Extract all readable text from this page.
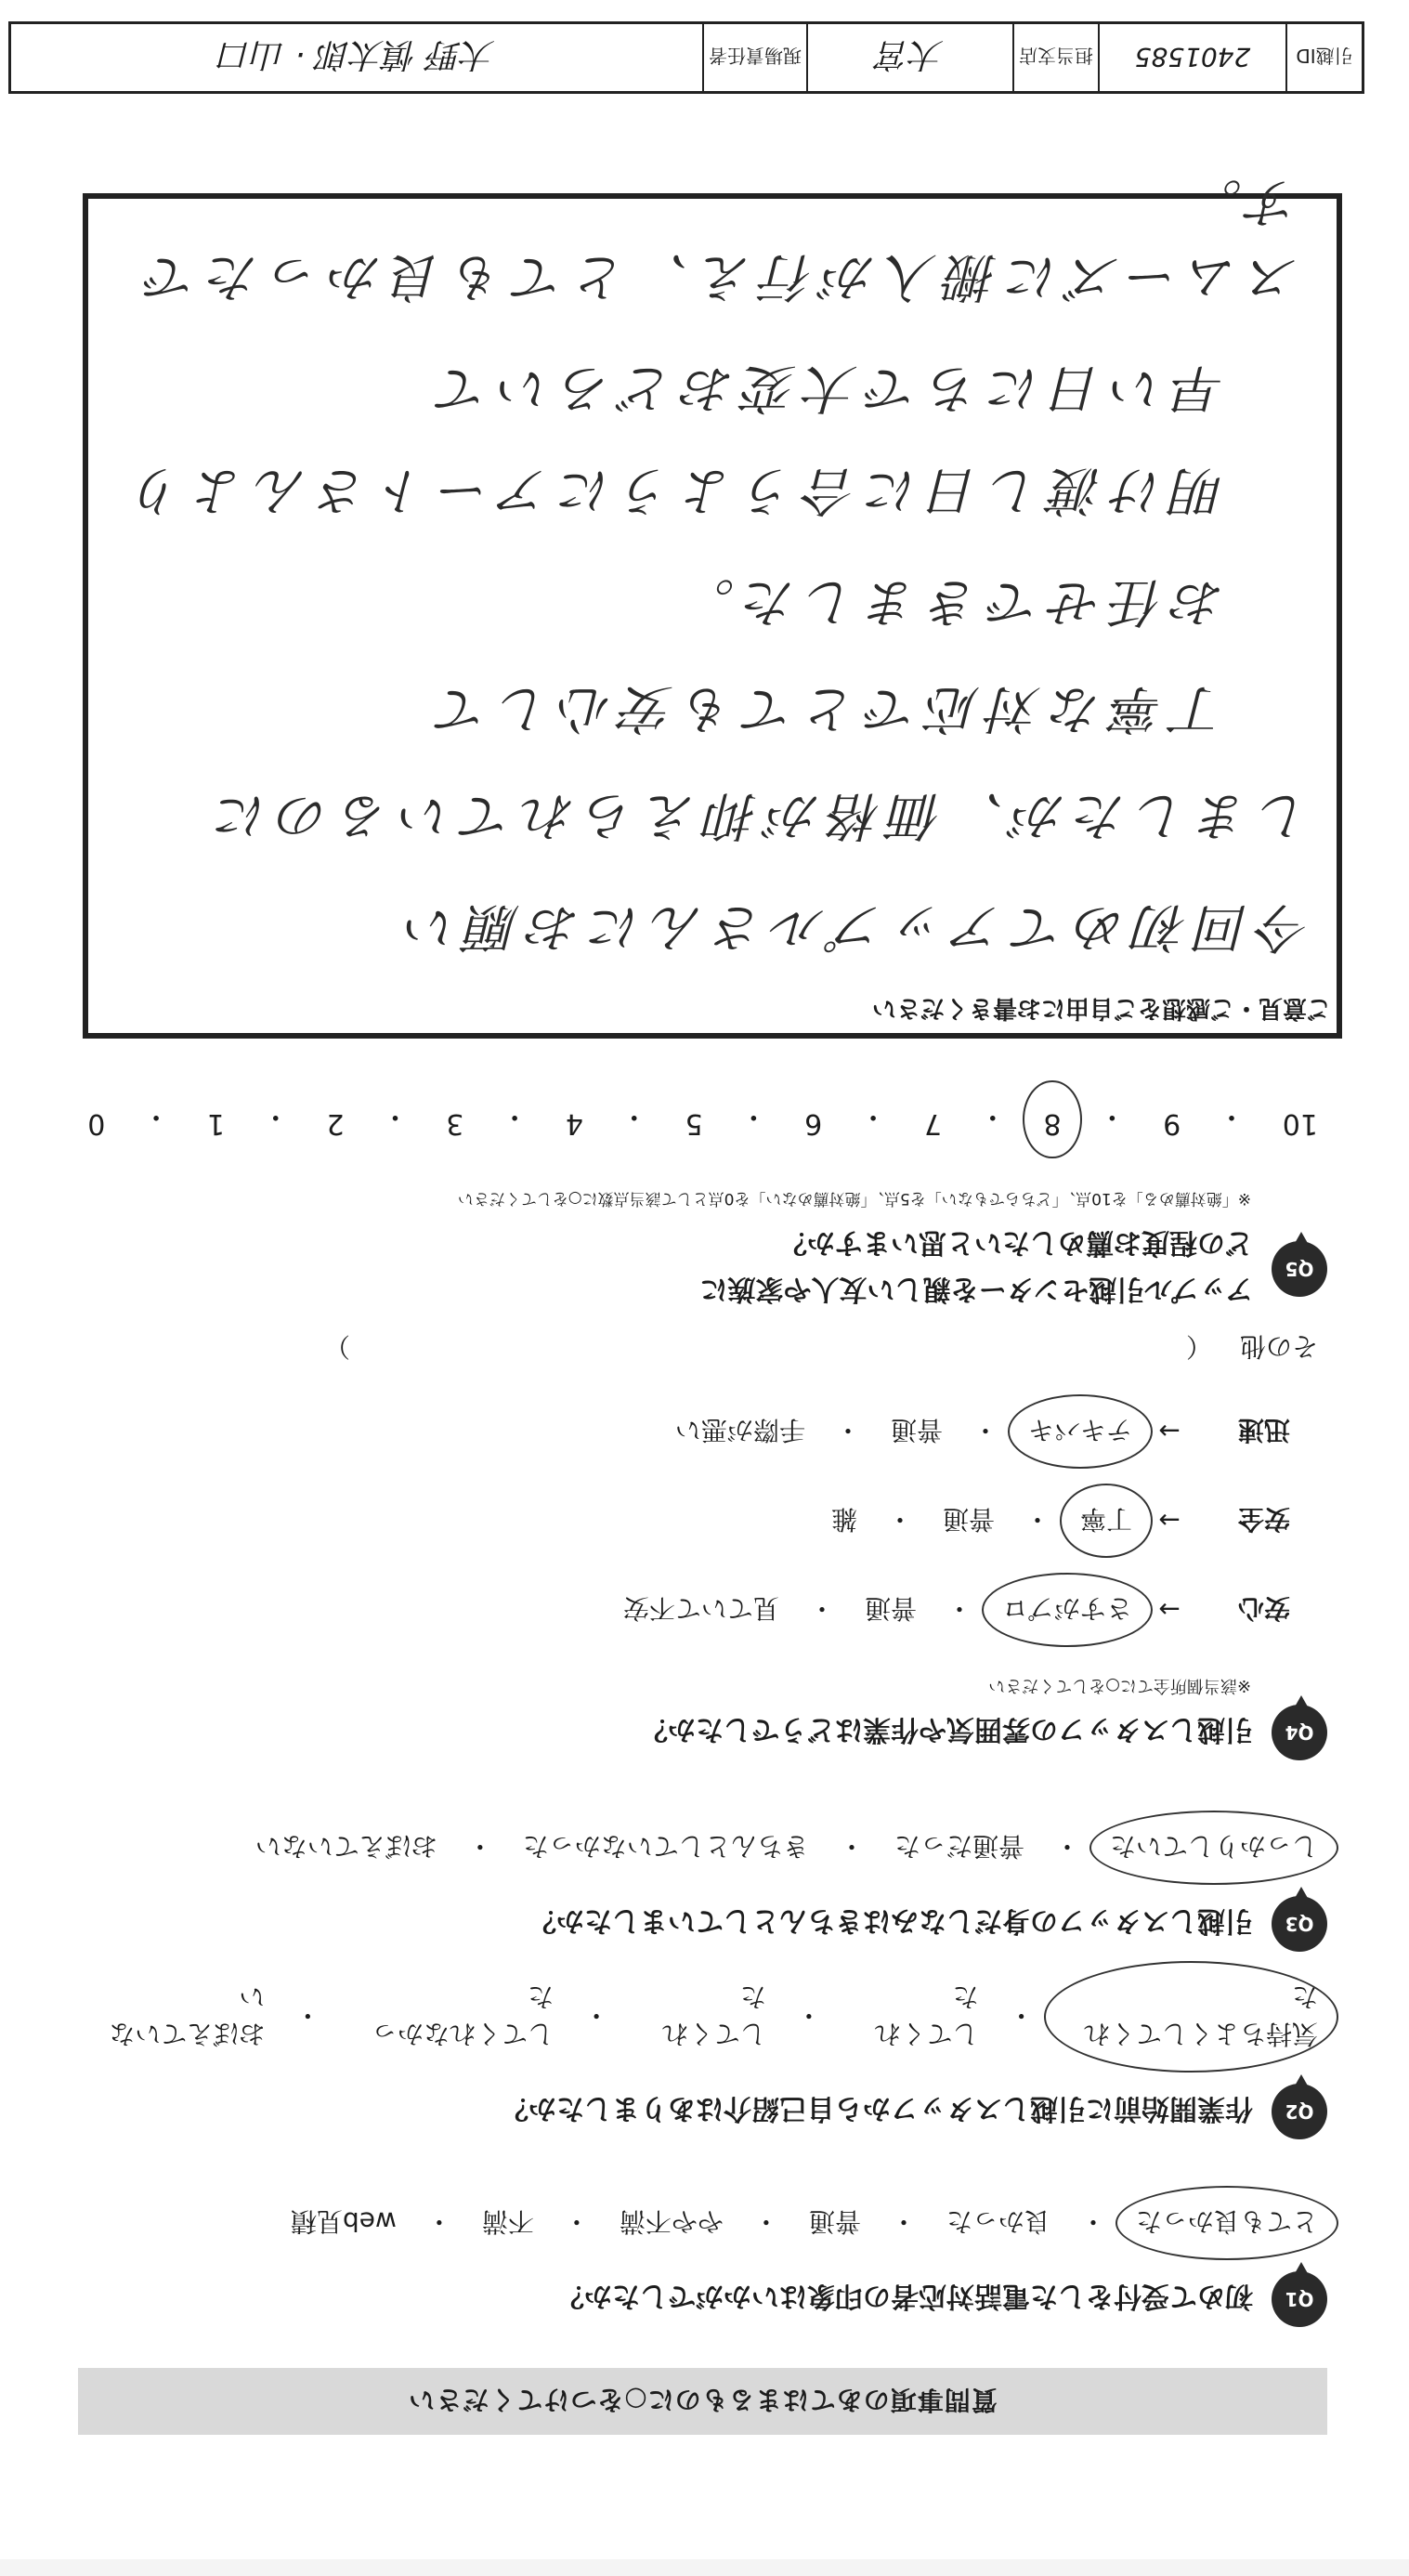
質問事項のあてはまるものに○をつけてください
Q1
初めて受付をした電話対応者の印象はいかがでしたか？
とても良かった
・
良かった
・
普通
・
やや不満
・
不満
・
web見積
Q2
作業開始前に引越しスタッフから自己紹介はありましたか？
気持ちよくしてくれた
・
してくれた
・
してくれた
・
してくれなかった
・
おぼえていない
Q3
引越しスタッフの身だしなみはきちんとしていましたか？
しっかりしていた
・
普通だった
・
きちんとしていなかった
・
おぼえていない
Q4
引越しスタッフの雰囲気や作業はどうでしたか？
※該当個所全てに○をしてください
安心
→
さすがプロ
・
普通
・
見ていて不安
安全
→
丁寧
・
普通
・
雑
迅速
→
テキパキ
・
普通
・
手際が悪い
その他
（
）
Q5
アップル引越センターを親しい友人や家族に
どの程度お薦めしたいと思いますか？
※「絶対薦める」を10点、「どちらでもない」を5点、「絶対薦めない」を0点として該当点数に○をしてください
10
・
9
・
8
・
7
・
6
・
5
・
4
・
3
・
2
・
1
・
0
ご意見・ご感想をご自由にお書きください
今回初めてアップルさんにお願い
しましたが、価格が抑えられているのに
丁寧な対応でとても安心して
お任せできました。
明け渡し日に合うようにアートさんより
早い日にちで大変おどろいて
スムーズに搬入が行え、とても良かったです。
引越ID
2401585
担当支店
大宮
現場責任者
大野 慎太郎 · 山口
